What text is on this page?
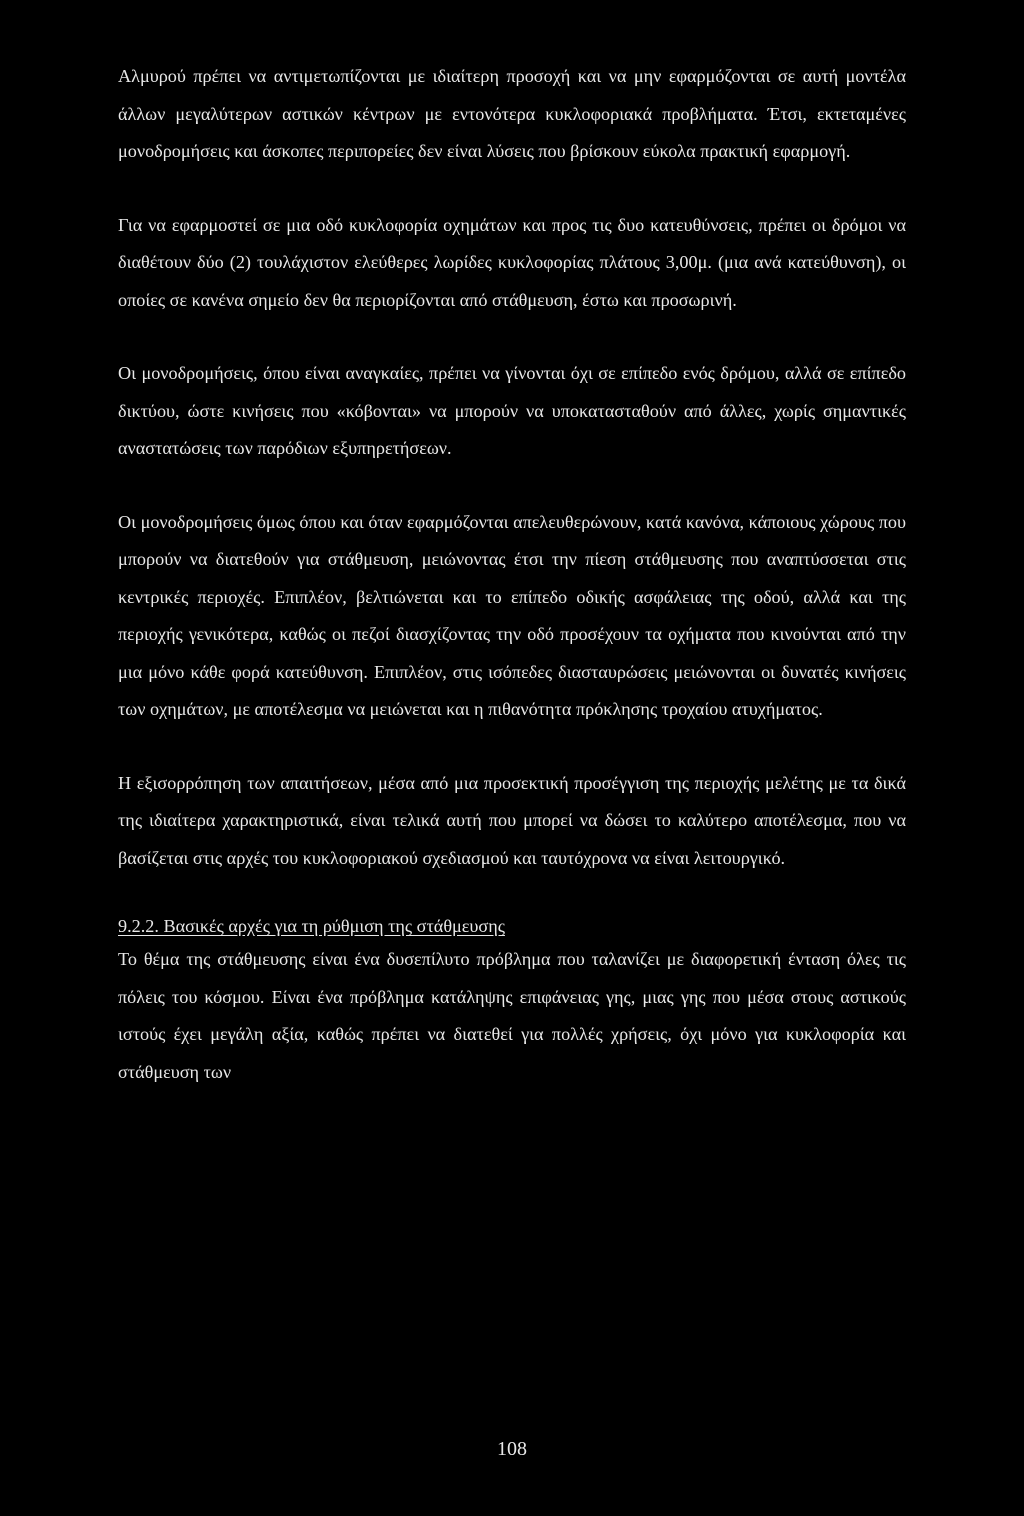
Αλμυρού πρέπει να αντιμετωπίζονται με ιδιαίτερη προσοχή και να μην εφαρμόζονται σε αυτή μοντέλα άλλων μεγαλύτερων αστικών κέντρων με εντονότερα κυκλοφοριακά προβλήματα. Έτσι, εκτεταμένες μονοδρομήσεις και άσκοπες περιπορείες δεν είναι λύσεις που βρίσκουν εύκολα πρακτική εφαρμογή.

Για να εφαρμοστεί σε μια οδό κυκλοφορία οχημάτων και προς τις δυο κατευθύνσεις, πρέπει οι δρόμοι να διαθέτουν δύο (2) τουλάχιστον ελεύθερες λωρίδες κυκλοφορίας πλάτους 3,00μ. (μια ανά κατεύθυνση), οι οποίες σε κανένα σημείο δεν θα περιορίζονται από στάθμευση, έστω και προσωρινή.

Οι μονοδρομήσεις, όπου είναι αναγκαίες, πρέπει να γίνονται όχι σε επίπεδο ενός δρόμου, αλλά σε επίπεδο δικτύου, ώστε κινήσεις που «κόβονται» να μπορούν να υποκατασταθούν από άλλες, χωρίς σημαντικές αναστατώσεις των παρόδιων εξυπηρετήσεων.

Οι μονοδρομήσεις όμως όπου και όταν εφαρμόζονται απελευθερώνουν, κατά κανόνα, κάποιους χώρους που μπορούν να διατεθούν για στάθμευση, μειώνοντας έτσι την πίεση στάθμευσης που αναπτύσσεται στις κεντρικές περιοχές. Επιπλέον, βελτιώνεται και το επίπεδο οδικής ασφάλειας της οδού, αλλά και της περιοχής γενικότερα, καθώς οι πεζοί διασχίζοντας την οδό προσέχουν τα οχήματα που κινούνται από την μια μόνο κάθε φορά κατεύθυνση. Επιπλέον, στις ισόπεδες διασταυρώσεις μειώνονται οι δυνατές κινήσεις των οχημάτων, με αποτέλεσμα να μειώνεται και η πιθανότητα πρόκλησης τροχαίου ατυχήματος.

Η εξισορρόπηση των απαιτήσεων, μέσα από μια προσεκτική προσέγγιση της περιοχής μελέτης με τα δικά της ιδιαίτερα χαρακτηριστικά, είναι τελικά αυτή που μπορεί να δώσει το καλύτερο αποτέλεσμα, που να βασίζεται στις αρχές του κυκλοφοριακού σχεδιασμού και ταυτόχρονα να είναι λειτουργικό.

9.2.2. Βασικές αρχές για τη ρύθμιση της στάθμευσης

Το θέμα της στάθμευσης είναι ένα δυσεπίλυτο πρόβλημα που ταλανίζει με διαφορετική ένταση όλες τις πόλεις του κόσμου. Είναι ένα πρόβλημα κατάληψης επιφάνειας γης, μιας γης που μέσα στους αστικούς ιστούς έχει μεγάλη αξία, καθώς πρέπει να διατεθεί για πολλές χρήσεις, όχι μόνο για κυκλοφορία και στάθμευση των

108
